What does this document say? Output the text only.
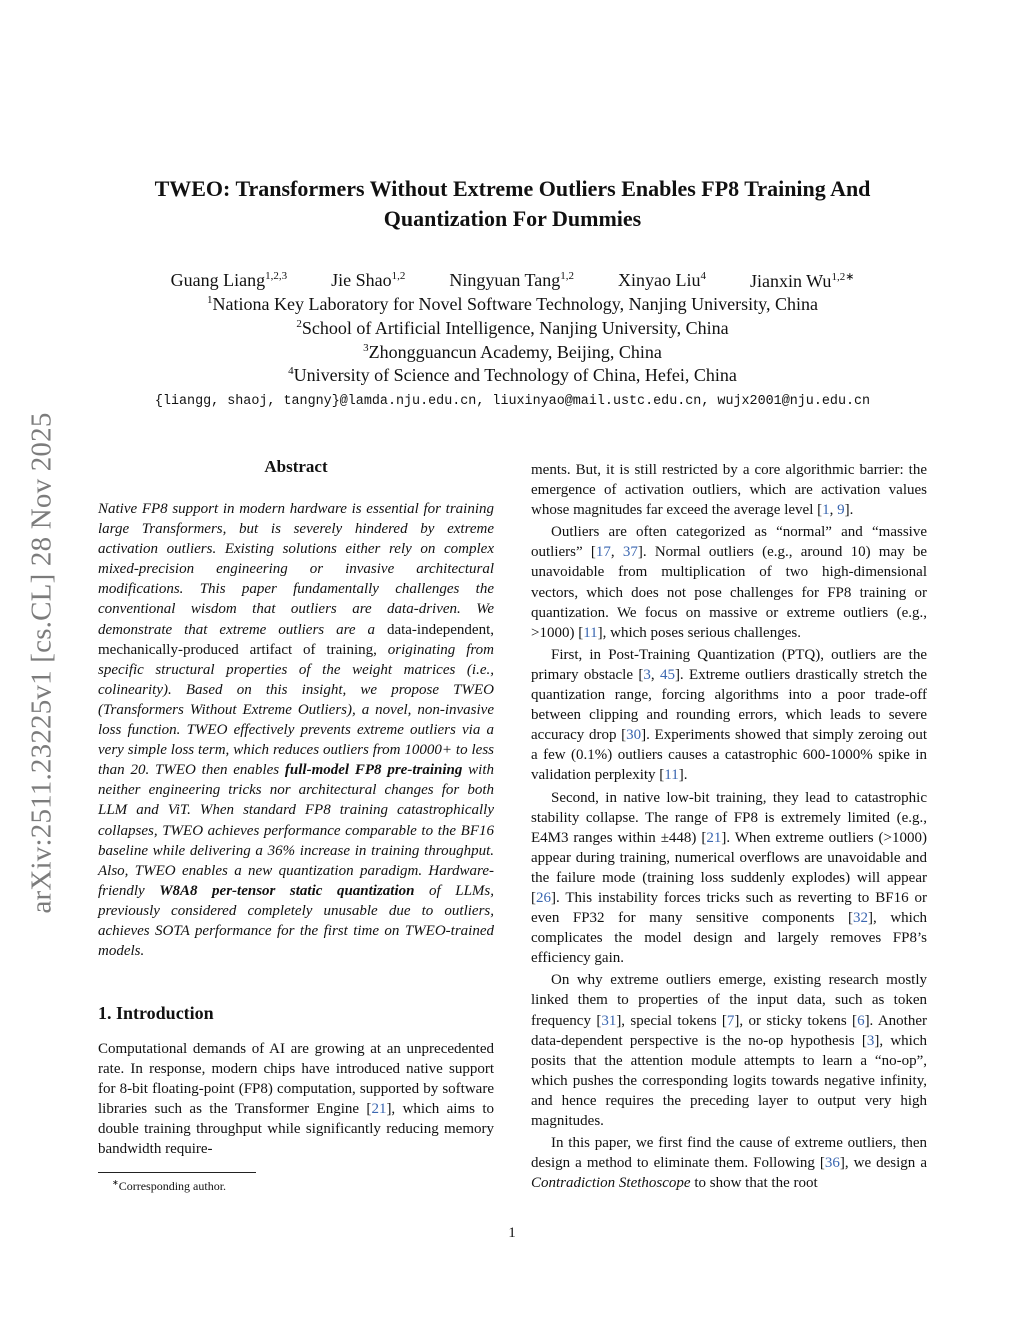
arXiv:2511.23225v1 [cs.CL] 28 Nov 2025
TWEO: Transformers Without Extreme Outliers Enables FP8 Training And
Quantization For Dummies
Guang Liang$^{1,2,3}$ Jie Shao$^{1,2}$ Ningyuan Tang$^{1,2}$ Xinyao Liu$^4$ Jianxin $Wu^{1,2∗}$
$^1$Nationa Key Laboratory for Novel Software Technology, Nanjing University, China
$^2$School of Artificial Intelligence, Nanjing University, China
$^3$Zhongguancun Academy, Beijing, China
$^4$University of Science and Technology of China, Hefei, China
{liangg, shaoj, tangny}@lamda.nju.edu.cn, liuxinyao@mail.ustc.edu.cn, wujx2001@nju.edu.cn
Abstract

Native FP8 support in modern hardware is essential for training large Transformers, but is severely hindered by extreme activation outliers. Existing solutions either rely on complex mixed-precision engineering or invasive architectural modifications. This paper fundamentally challenges the conventional wisdom that outliers are data-driven. We demonstrate that extreme outliers are a data-independent, mechanically-produced artifact of training, originating from specific structural properties of the weight matrices (i.e., colinearity). Based on this insight, we propose TWEO (Transformers Without Extreme Outliers), a novel, non-invasive loss function. TWEO effectively prevents extreme outliers via a very simple loss term, which reduces outliers from 10000+ to less than 20. TWEO then enables full-model FP8 pre-training with neither engineering tricks nor architectural changes for both LLM and ViT. When standard FP8 training catastrophically collapses, TWEO achieves performance comparable to the BF16 baseline while delivering a 36% increase in training throughput. Also, TWEO enables a new quantization paradigm. Hardware-friendly W8A8 per-tensor static quantization of LLMs, previously considered completely unusable due to outliers, achieves SOTA performance for the first time on TWEO-trained models.

1. Introduction

Computational demands of AI are growing at an unprecedented rate. In response, modern chips have introduced native support for 8-bit floating-point (FP8) computation, supported by software libraries such as the Transformer Engine [21], which aims to double training throughput while significantly reducing memory bandwidth require-

∗Corresponding author.

ments. But, it is still restricted by a core algorithmic barrier: the emergence of activation outliers, which are activation values whose magnitudes far exceed the average level [1, 9].

Outliers are often categorized as “normal” and “massive outliers” [17, 37]. Normal outliers (e.g., around 10) may be unavoidable from multiplication of two high-dimensional vectors, which does not pose challenges for FP8 training or quantization. We focus on massive or extreme outliers (e.g., >1000) [11], which poses serious challenges.

First, in Post-Training Quantization (PTQ), outliers are the primary obstacle [3, 45]. Extreme outliers drastically stretch the quantization range, forcing algorithms into a poor trade-off between clipping and rounding errors, which leads to severe accuracy drop [30]. Experiments showed that simply zeroing out a few (0.1%) outliers causes a catastrophic 600-1000% spike in validation perplexity [11].

Second, in native low-bit training, they lead to catastrophic stability collapse. The range of FP8 is extremely limited (e.g., E4M3 ranges within ±448) [21]. When extreme outliers (>1000) appear during training, numerical overflows are unavoidable and the failure mode (training loss suddenly explodes) will appear [26]. This instability forces tricks such as reverting to BF16 or even FP32 for many sensitive components [32], which complicates the model design and largely removes FP8’s efficiency gain.

On why extreme outliers emerge, existing research mostly linked them to properties of the input data, such as token frequency [31], special tokens [7], or sticky tokens [6]. Another data-dependent perspective is the no-op hypothesis [3], which posits that the attention module attempts to learn a “no-op”, which pushes the corresponding logits towards negative infinity, and hence requires the preceding layer to output very high magnitudes.

In this paper, we first find the cause of extreme outliers, then design a method to eliminate them. Following [36], we design a Contradiction Stethoscope to show that the root

1
